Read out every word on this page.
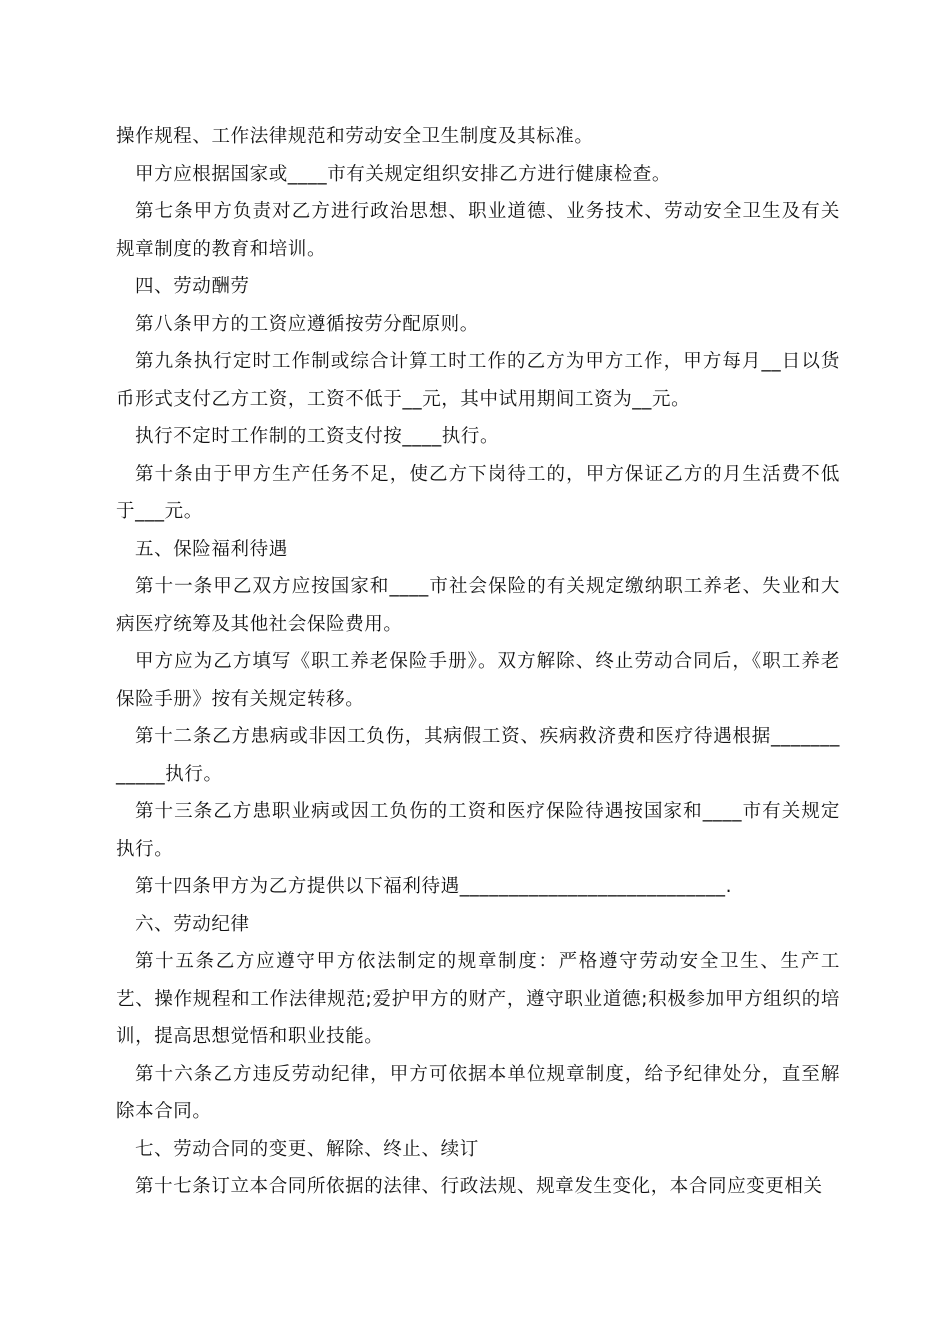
操作规程、工作法律规范和劳动安全卫生制度及其标准。

甲方应根据国家或____市有关规定组织安排乙方进行健康检查。

第七条甲方负责对乙方进行政治思想、职业道德、业务技术、劳动安全卫生及有关规章制度的教育和培训。

四、劳动酬劳

第八条甲方的工资应遵循按劳分配原则。

第九条执行定时工作制或综合计算工时工作的乙方为甲方工作，甲方每月__日以货币形式支付乙方工资，工资不低于__元，其中试用期间工资为__元。

执行不定时工作制的工资支付按____执行。

第十条由于甲方生产任务不足，使乙方下岗待工的，甲方保证乙方的月生活费不低于___元。

五、保险福利待遇

第十一条甲乙双方应按国家和____市社会保险的有关规定缴纳职工养老、失业和大病医疗统筹及其他社会保险费用。

甲方应为乙方填写《职工养老保险手册》。双方解除、终止劳动合同后，《职工养老保险手册》按有关规定转移。

第十二条乙方患病或非因工负伤，其病假工资、疾病救济费和医疗待遇根据____________执行。

第十三条乙方患职业病或因工负伤的工资和医疗保险待遇按国家和____市有关规定执行。

第十四条甲方为乙方提供以下福利待遇___________________________.

六、劳动纪律

第十五条乙方应遵守甲方依法制定的规章制度：严格遵守劳动安全卫生、生产工艺、操作规程和工作法律规范;爱护甲方的财产，遵守职业道德;积极参加甲方组织的培训，提高思想觉悟和职业技能。

第十六条乙方违反劳动纪律，甲方可依据本单位规章制度，给予纪律处分，直至解除本合同。

七、劳动合同的变更、解除、终止、续订

第十七条订立本合同所依据的法律、行政法规、规章发生变化，本合同应变更相关
